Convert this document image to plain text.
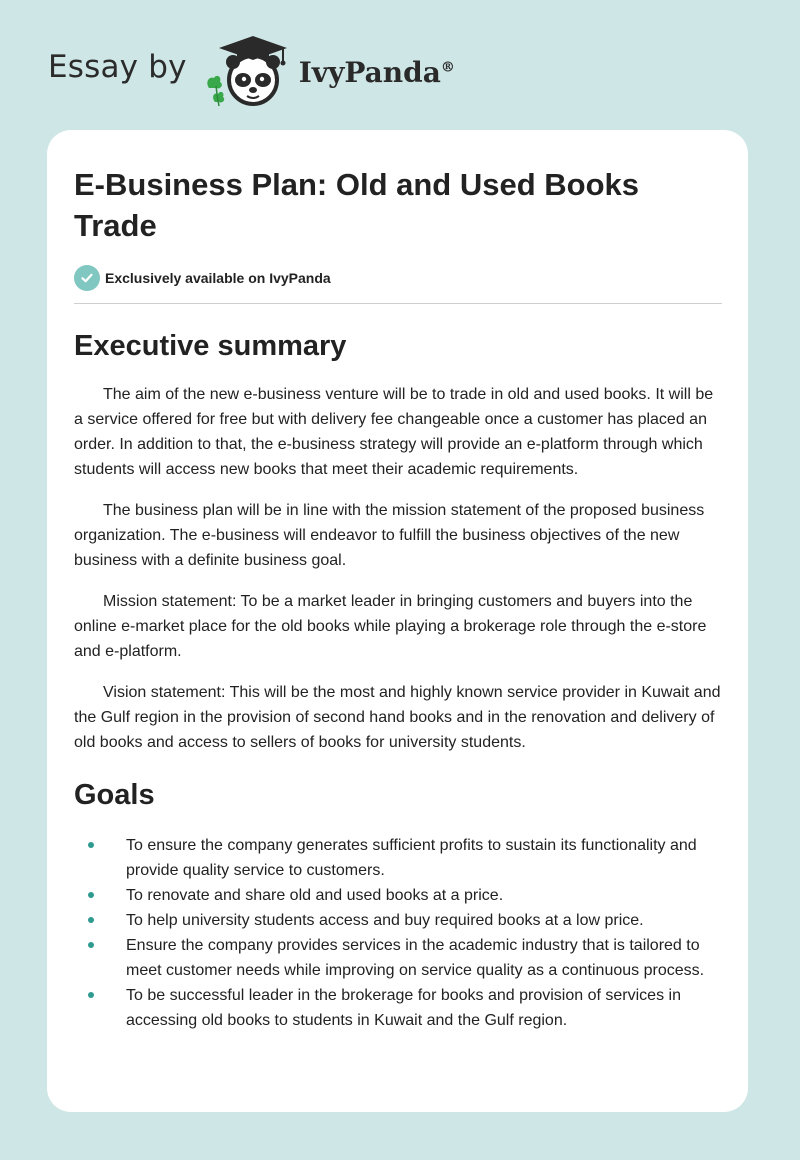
Essay by	IvyPanda®
E-Business Plan: Old and Used Books Trade
Exclusively available on IvyPanda
Executive summary

The aim of the new e-business venture will be to trade in old and used books. It will be a service offered for free but with delivery fee changeable once a customer has placed an order. In addition to that, the e-business strategy will provide an e-platform through which students will access new books that meet their academic requirements.

The business plan will be in line with the mission statement of the proposed business organization. The e-business will endeavor to fulfill the business objectives of the new business with a definite business goal.

Mission statement: To be a market leader in bringing customers and buyers into the online e-market place for the old books while playing a brokerage role through the e-store and e-platform.

Vision statement: This will be the most and highly known service provider in Kuwait and the Gulf region in the provision of second hand books and in the renovation and delivery of old books and access to sellers of books for university students.

Goals
To ensure the company generates sufficient profits to sustain its functionality and provide quality service to customers.
To renovate and share old and used books at a price.
To help university students access and buy required books at a low price.
Ensure the company provides services in the academic industry that is tailored to meet customer needs while improving on service quality as a continuous process.
To be successful leader in the brokerage for books and provision of services in accessing old books to students in Kuwait and the Gulf region.
